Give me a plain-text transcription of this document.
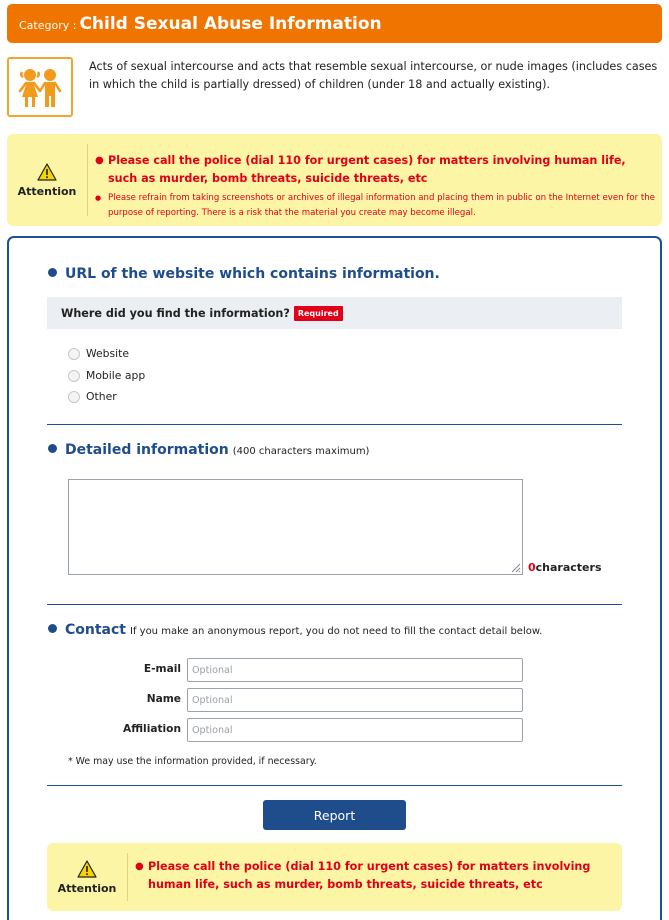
Category : Child Sexual Abuse Information
Acts of sexual intercourse and acts that resemble sexual intercourse, or nude images (includes cases in which the child is partially dressed) of children (under 18 and actually existing).
Attention
● Please call the police (dial 110 for urgent cases) for matters involving human life, such as murder, bomb threats, suicide threats, etc
● Please refrain from taking screenshots or archives of illegal information and placing them in public on the Internet even for the purpose of reporting. There is a risk that the material you create may become illegal.
URL of the website which contains information.
Where did you find the information?	Required
Website
Mobile app
Other
Detailed information (400 characters maximum)
0characters
Contact If you make an anonymous report, you do not need to fill the contact detail below.
E-mail
Optional
Name
Optional
Affiliation
Optional
* We may use the information provided, if necessary.
Report
Attention
● Please call the police (dial 110 for urgent cases) for matters involving human life, such as murder, bomb threats, suicide threats, etc
